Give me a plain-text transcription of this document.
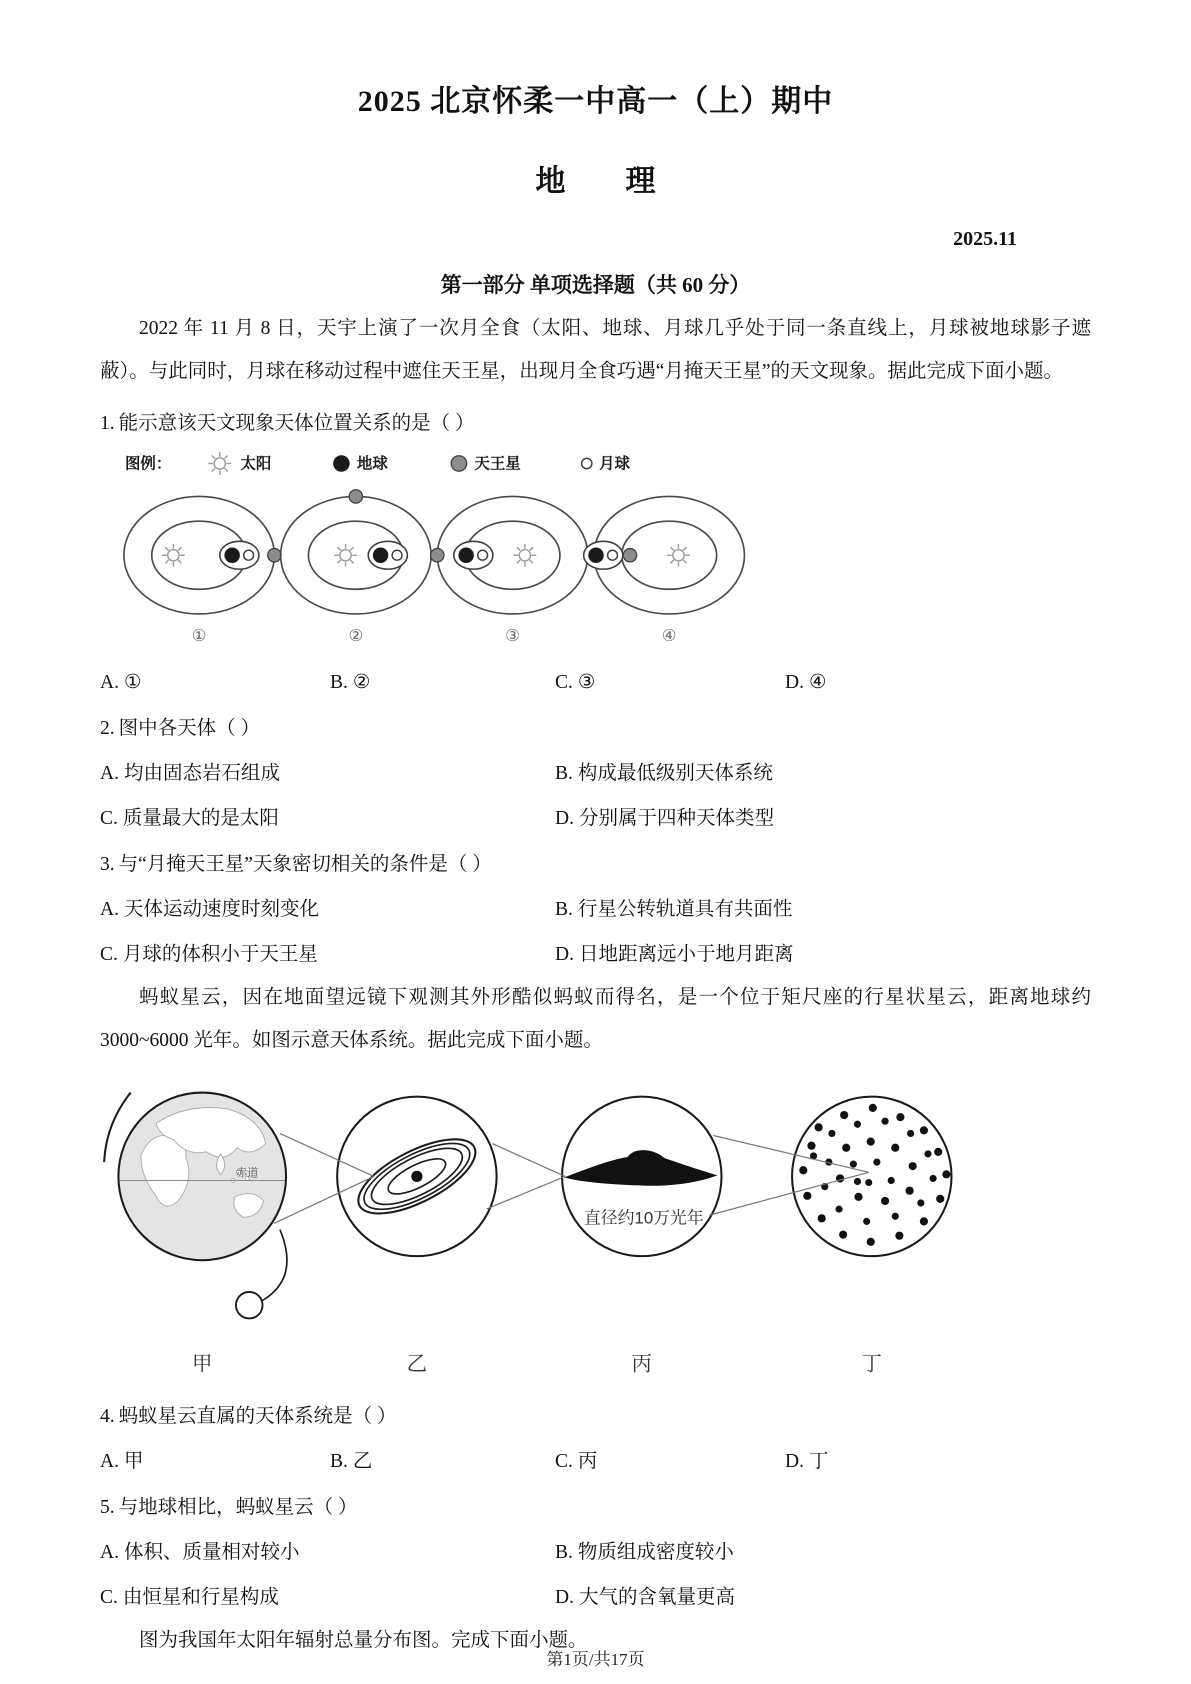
2025 北京怀柔一中高一（上）期中
地　　理
2025.11
第一部分 单项选择题（共 60 分）
2022 年 11 月 8 日，天宇上演了一次月全食（太阳、地球、月球几乎处于同一条直线上，月球被地球影子遮蔽）。与此同时，月球在移动过程中遮住天王星，出现月全食巧遇“月掩天王星”的天文现象。据此完成下面小题。
1. 能示意该天文现象天体位置关系的是（ ）
图例：	太阳	地球	天王星	月球
①	②	③	④
A. ①	B. ②	C. ③	D. ④
2. 图中各天体（ ）
A. 均由固态岩石组成	B. 构成最低级别天体系统
C. 质量最大的是太阳	D. 分别属于四种天体类型
3. 与“月掩天王星”天象密切相关的条件是（ ）
A. 天体运动速度时刻变化	B. 行星公转轨道具有共面性
C. 月球的体积小于天王星	D. 日地距离远小于地月距离
蚂蚁星云，因在地面望远镜下观测其外形酷似蚂蚁而得名，是一个位于矩尺座的行星状星云，距离地球约 3000~6000 光年。如图示意天体系统。据此完成下面小题。
赤道
直径约10万光年
甲	乙	丙	丁
4. 蚂蚁星云直属的天体系统是（ ）
A. 甲	B. 乙	C. 丙	D. 丁
5. 与地球相比，蚂蚁星云（ ）
A. 体积、质量相对较小	B. 物质组成密度较小
C. 由恒星和行星构成	D. 大气的含氧量更高
图为我国年太阳年辐射总量分布图。完成下面小题。
第1页/共17页
